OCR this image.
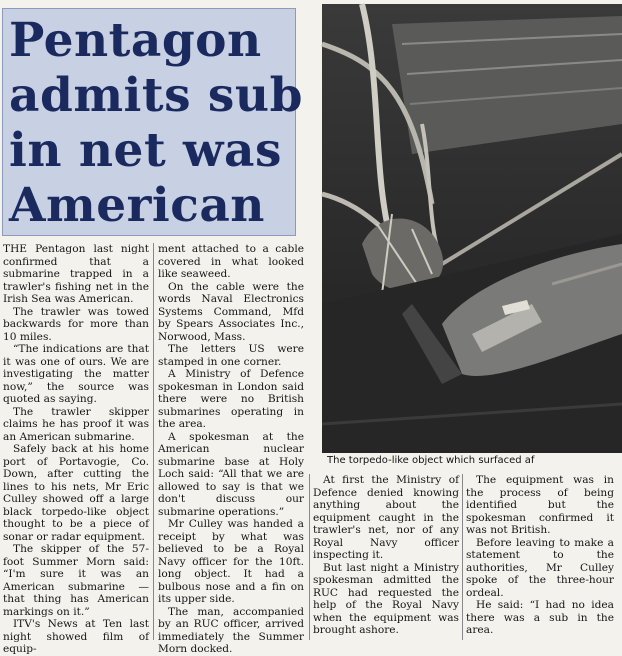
Pentagon
admits sub
in net was
American
The torpedo-like object which surfaced af

THE Pentagon last night confirmed that a submarine trapped in a trawler's fishing net in the Irish Sea was American.

The trawler was towed backwards for more than 10 miles.

“The indications are that it was one of ours. We are investigating the matter now,” the source was quoted as saying.

The trawler skipper claims he has proof it was an American submarine.

Safely back at his home port of Portavogie, Co. Down, after cutting the lines to his nets, Mr Eric Culley showed off a large black torpedo-like object thought to be a piece of sonar or radar equipment.

The skipper of the 57-foot Summer Morn said: “I'm sure it was an American submarine — that thing has American markings on it.”

ITV's News at Ten last night showed film of equip-

ment attached to a cable covered in what looked like seaweed.

On the cable were the words Naval Electronics Systems Command, Mfd by Spears Associates Inc., Norwood, Mass.

The letters US were stamped in one corner.

A Ministry of Defence spokesman in London said there were no British submarines operating in the area.

A spokesman at the American nuclear submarine base at Holy Loch said: “All that we are allowed to say is that we don't discuss our submarine operations.”

Mr Culley was handed a receipt by what was believed to be a Royal Navy officer for the 10ft. long object. It had a bulbous nose and a fin on its upper side.

The man, accompanied by an RUC officer, arrived immediately the Summer Morn docked.

At first the Ministry of Defence denied knowing anything about the equipment caught in the trawler's net, nor of any Royal Navy officer inspecting it.

But last night a Ministry spokesman admitted the RUC had requested the help of the Royal Navy when the equipment was brought ashore.

The equipment was in the process of being identified but the spokesman confirmed it was not British.

Before leaving to make a statement to the authorities, Mr Culley spoke of the three-hour ordeal.

He said: “I had no idea there was a sub in the area.
